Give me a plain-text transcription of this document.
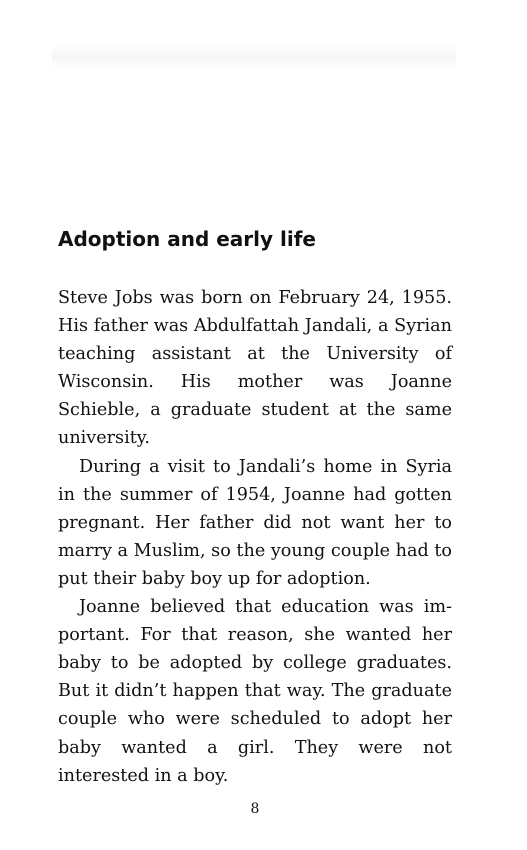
Adoption and early life

Steve Jobs was born on February 24, 1955. His father was Abdulfattah Jandali, a Syrian teaching assistant at the University of Wisconsin. His mother was Joanne Schieble, a graduate student at the same university.

During a visit to Jandali’s home in Syria in the summer of 1954, Joanne had gotten pregnant. Her father did not want her to marry a Muslim, so the young couple had to put their baby boy up for adoption.

Joanne believed that education was important. For that reason, she wanted her baby to be adopted by college graduates. But it didn’t happen that way. The graduate couple who were scheduled to adopt her baby wanted a girl. They were not interested in a boy.

8
